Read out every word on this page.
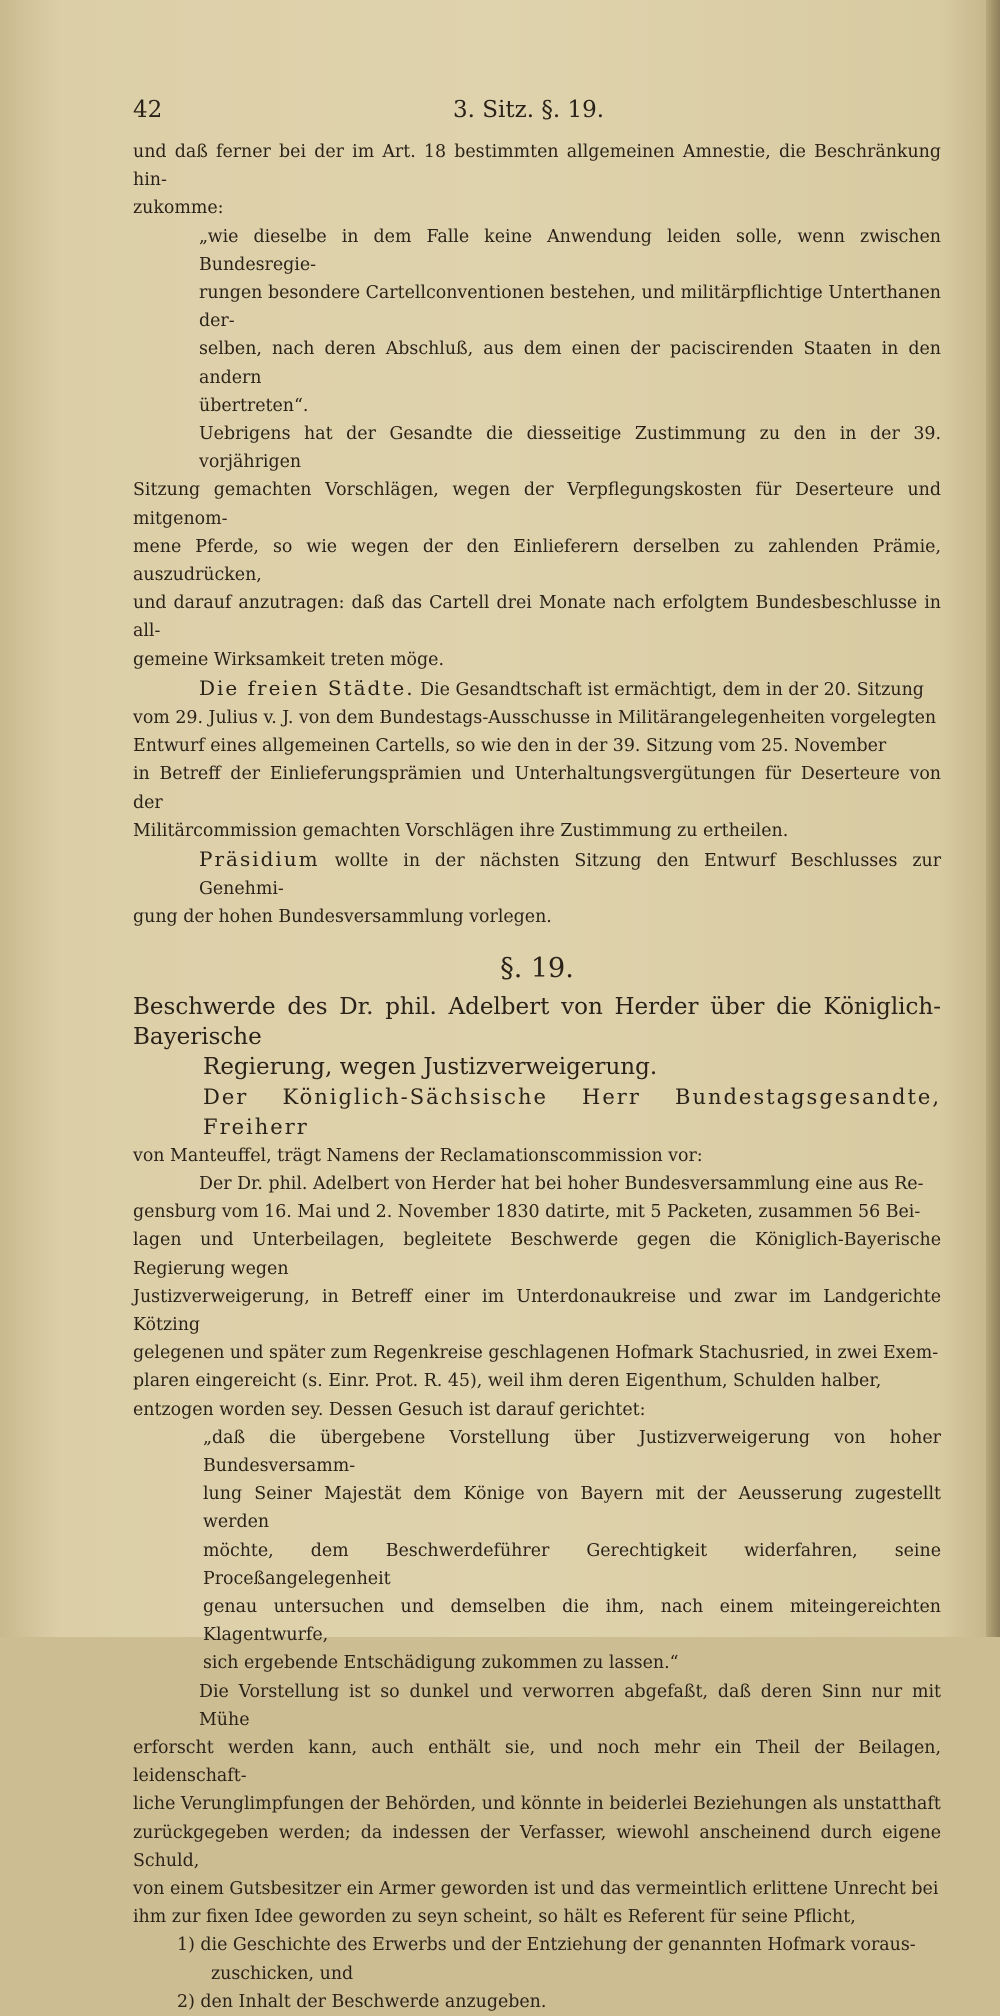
42	3. Sitz. §. 19.

und daß ferner bei der im Art. 18 bestimmten allgemeinen Amnestie, die Beschränkung hin-

zukomme:

„wie dieselbe in dem Falle keine Anwendung leiden solle, wenn zwischen Bundesregie-

rungen besondere Cartellconventionen bestehen, und militärpflichtige Unterthanen der-

selben, nach deren Abschluß, aus dem einen der paciscirenden Staaten in den andern

übertreten“.

Uebrigens hat der Gesandte die diesseitige Zustimmung zu den in der 39. vorjährigen

Sitzung gemachten Vorschlägen, wegen der Verpflegungskosten für Deserteure und mitgenom-

mene Pferde, so wie wegen der den Einlieferern derselben zu zahlenden Prämie, auszudrücken,

und darauf anzutragen: daß das Cartell drei Monate nach erfolgtem Bundesbeschlusse in all-

gemeine Wirksamkeit treten möge.

Die freien Städte. Die Gesandtschaft ist ermächtigt, dem in der 20. Sitzung

vom 29. Julius v. J. von dem Bundestags-Ausschusse in Militärangelegenheiten vorgelegten

Entwurf eines allgemeinen Cartells, so wie den in der 39. Sitzung vom 25. November

in Betreff der Einlieferungsprämien und Unterhaltungsvergütungen für Deserteure von der

Militärcommission gemachten Vorschlägen ihre Zustimmung zu ertheilen.

Präsidium wollte in der nächsten Sitzung den Entwurf Beschlusses zur Genehmi-

gung der hohen Bundesversammlung vorlegen.

§. 19.

Beschwerde des Dr. phil. Adelbert von Herder über die Königlich-Bayerische

Regierung, wegen Justizverweigerung.

Der Königlich-Sächsische Herr Bundestagsgesandte, Freiherr

von Manteuffel, trägt Namens der Reclamationscommission vor:

Der Dr. phil. Adelbert von Herder hat bei hoher Bundesversammlung eine aus Re-

gensburg vom 16. Mai und 2. November 1830 datirte, mit 5 Packeten, zusammen 56 Bei-

lagen und Unterbeilagen, begleitete Beschwerde gegen die Königlich-Bayerische Regierung wegen

Justizverweigerung, in Betreff einer im Unterdonaukreise und zwar im Landgerichte Kötzing

gelegenen und später zum Regenkreise geschlagenen Hofmark Stachusried, in zwei Exem-

plaren eingereicht (s. Einr. Prot. R. 45), weil ihm deren Eigenthum, Schulden halber,

entzogen worden sey. Dessen Gesuch ist darauf gerichtet:

„daß die übergebene Vorstellung über Justizverweigerung von hoher Bundesversamm-

lung Seiner Majestät dem Könige von Bayern mit der Aeusserung zugestellt werden

möchte, dem Beschwerdeführer Gerechtigkeit widerfahren, seine Proceßangelegenheit

genau untersuchen und demselben die ihm, nach einem miteingereichten Klagentwurfe,

sich ergebende Entschädigung zukommen zu lassen.“

Die Vorstellung ist so dunkel und verworren abgefaßt, daß deren Sinn nur mit Mühe

erforscht werden kann, auch enthält sie, und noch mehr ein Theil der Beilagen, leidenschaft-

liche Verunglimpfungen der Behörden, und könnte in beiderlei Beziehungen als unstatthaft

zurückgegeben werden; da indessen der Verfasser, wiewohl anscheinend durch eigene Schuld,

von einem Gutsbesitzer ein Armer geworden ist und das vermeintlich erlittene Unrecht bei

ihm zur fixen Idee geworden zu seyn scheint, so hält es Referent für seine Pflicht,

1) die Geschichte des Erwerbs und der Entziehung der genannten Hofmark voraus-

zuschicken, und

2) den Inhalt der Beschwerde anzugeben.
